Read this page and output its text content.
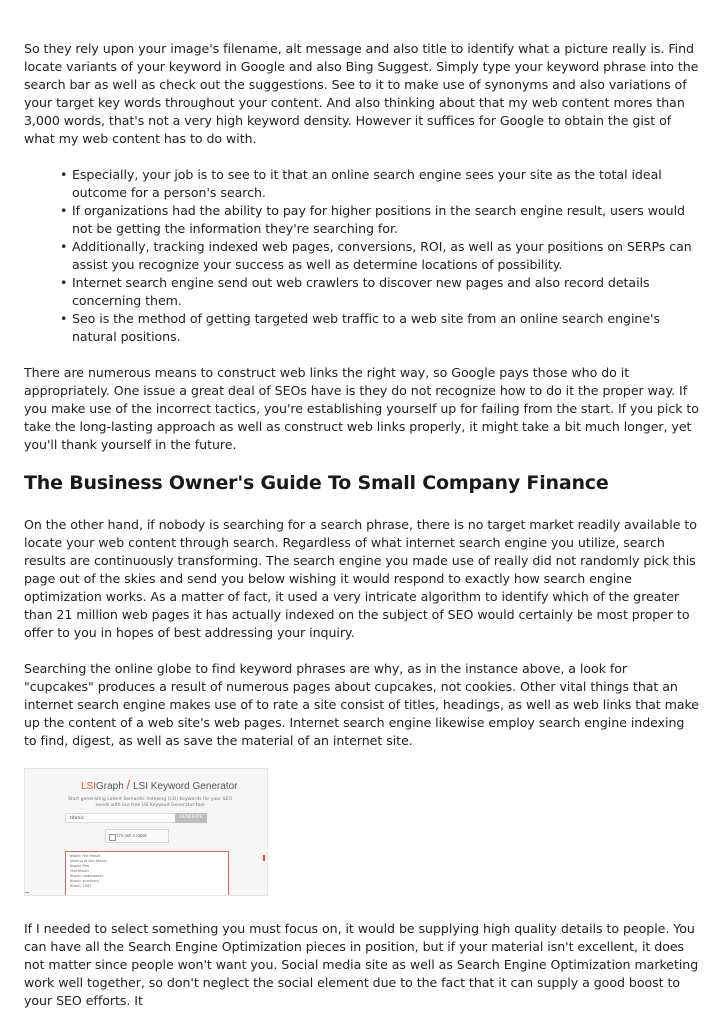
So they rely upon your image's filename, alt message and also title to identify what a picture really is. Find locate variants of your keyword in Google and also Bing Suggest. Simply type your keyword phrase into the search bar as well as check out the suggestions. See to it to make use of synonyms and also variations of your target key words throughout your content. And also thinking about that my web content mores than 3,000 words, that's not a very high keyword density. However it suffices for Google to obtain the gist of what my web content has to do with.

• Especially, your job is to see to it that an online search engine sees your site as the total ideal outcome for a person's search.
• If organizations had the ability to pay for higher positions in the search engine result, users would not be getting the information they're searching for.
• Additionally, tracking indexed web pages, conversions, ROI, as well as your positions on SERPs can assist you recognize your success as well as determine locations of possibility.
• Internet search engine send out web crawlers to discover new pages and also record details concerning them.
• Seo is the method of getting targeted web traffic to a web site from an online search engine's natural positions.

There are numerous means to construct web links the right way, so Google pays those who do it appropriately. One issue a great deal of SEOs have is they do not recognize how to do it the proper way. If you make use of the incorrect tactics, you're establishing yourself up for failing from the start. If you pick to take the long-lasting approach as well as construct web links properly, it might take a bit much longer, yet you'll thank yourself in the future.

The Business Owner's Guide To Small Company Finance

On the other hand, if nobody is searching for a search phrase, there is no target market readily available to locate your web content through search. Regardless of what internet search engine you utilize, search results are continuously transforming. The search engine you made use of really did not randomly pick this page out of the skies and send you below wishing it would respond to exactly how search engine optimization works. As a matter of fact, it used a very intricate algorithm to identify which of the greater than 21 million web pages it has actually indexed on the subject of SEO would certainly be most proper to offer to you in hopes of best addressing your inquiry.

Searching the online globe to find keyword phrases are why, as in the instance above, a look for "cupcakes" produces a result of numerous pages about cupcakes, not cookies. Other vital things that an internet search engine makes use of to rate a site consist of titles, headings, as well as web links that make up the content of a web site's web pages. Internet search engine likewise employ search engine indexing to find, digest, as well as save the material of an internet site.

LSIGraph / LSI Keyword Generator
Start generating Latent Semantic Indexing (LSI) Keywords for your SEO needs with our free LSI Keyword Generator tool
titanic	GENERATE
I'm not a robot
titanic the movie
sinking of the titanic
titanic film
real titanic
titanic underwater
titanic survivors
titanic 1997

If I needed to select something you must focus on, it would be supplying high quality details to people. You can have all the Search Engine Optimization pieces in position, but if your material isn't excellent, it does not matter since people won't want you. Social media site as well as Search Engine Optimization marketing work well together, so don't neglect the social element due to the fact that it can supply a good boost to your SEO efforts. It
